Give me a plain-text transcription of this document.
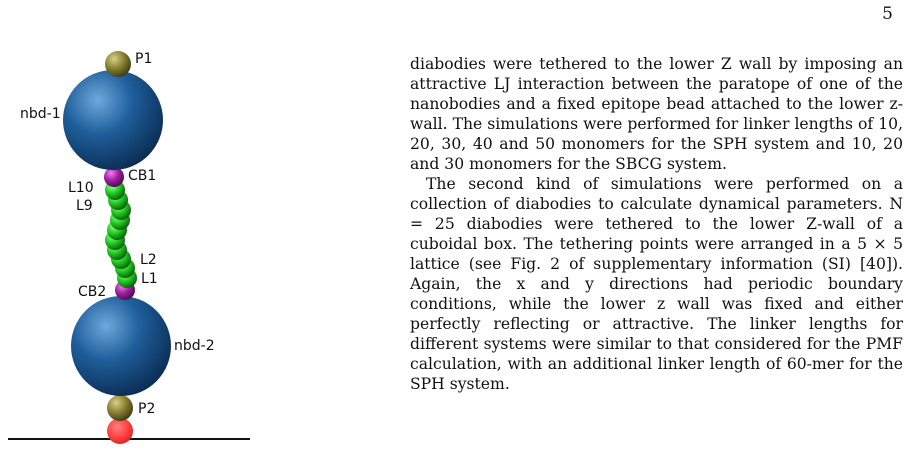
5
P1
nbd-1
CB1
L10
L9
L2
L1
CB2
nbd-2
P2

diabodies were tethered to the lower Z wall by imposing an attractive LJ interaction between the paratope of one of the nanobodies and a fixed epitope bead attached to the lower z-wall. The simulations were performed for linker lengths of 10, 20, 30, 40 and 50 monomers for the SPH system and 10, 20 and 30 monomers for the SBCG system.

The second kind of simulations were performed on a collection of diabodies to calculate dynamical parameters. N = 25 diabodies were tethered to the lower Z-wall of a cuboidal box. The tethering points were arranged in a 5 × 5 lattice (see Fig. 2 of supplementary information (SI) [40]). Again, the x and y directions had periodic boundary conditions, while the lower z wall was fixed and either perfectly reflecting or attractive. The linker lengths for different systems were similar to that considered for the PMF calculation, with an additional linker length of 60-mer for the SPH system.
